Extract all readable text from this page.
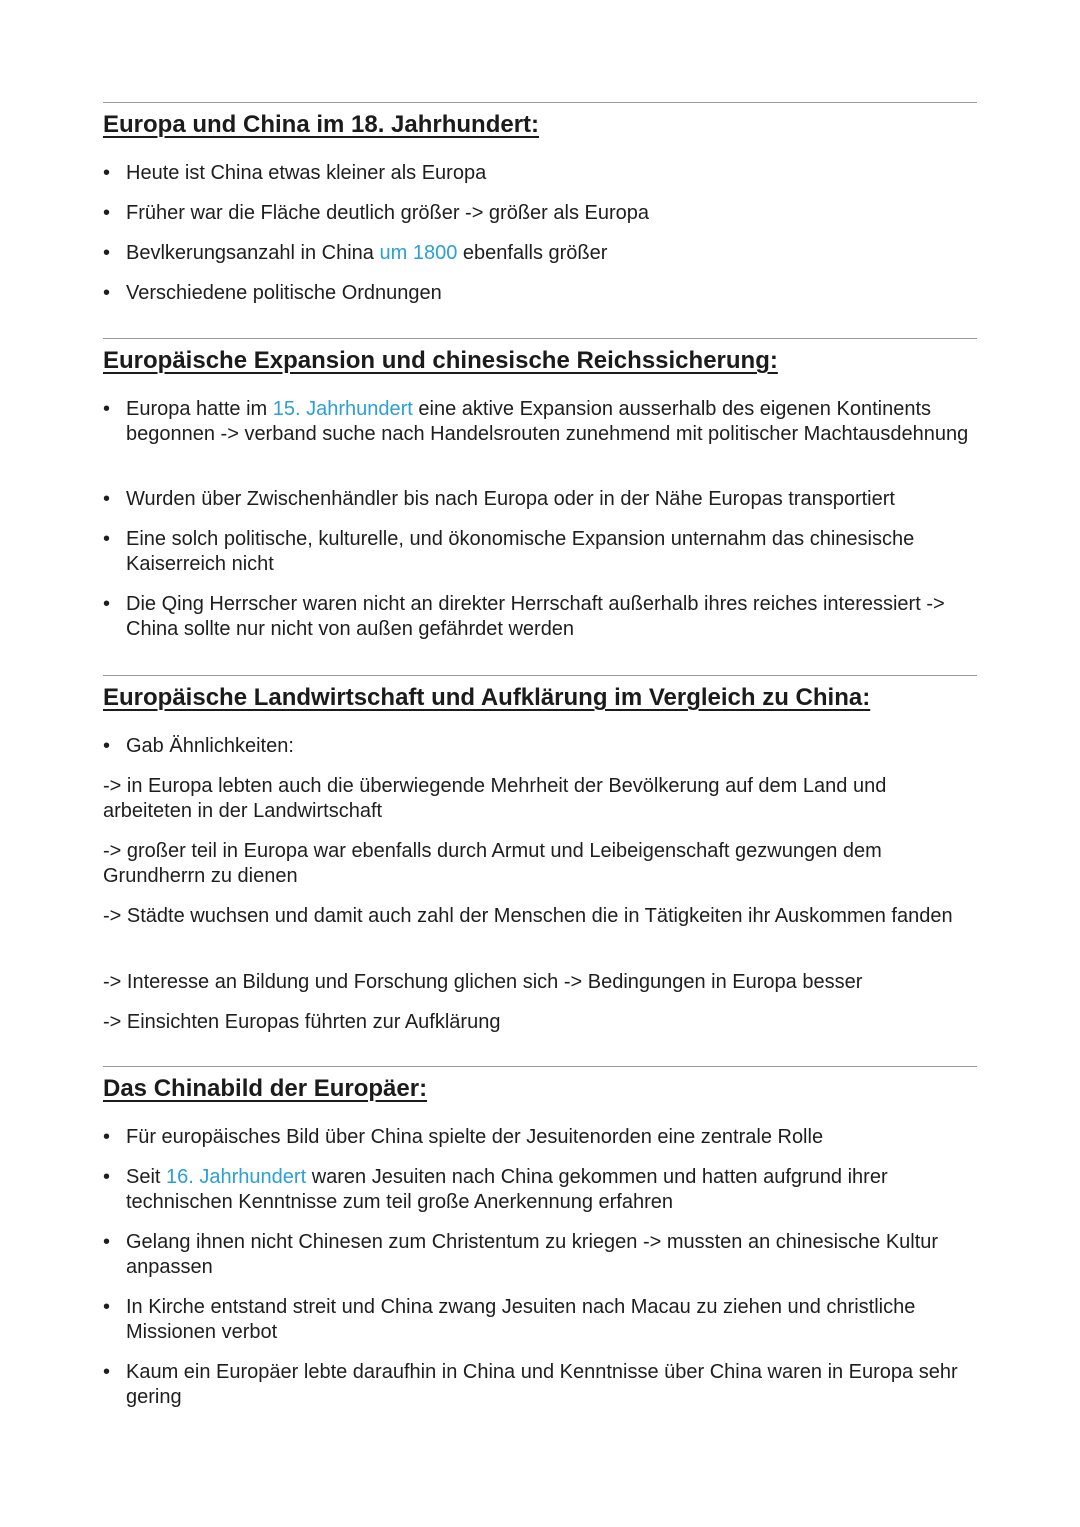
Europa und China im 18. Jahrhundert:
• Heute ist China etwas kleiner als Europa
• Früher war die Fläche deutlich größer -> größer als Europa
• Bevlkerungsanzahl in China um 1800 ebenfalls größer
• Verschiedene politische Ordnungen
Europäische Expansion und chinesische Reichssicherung:
• Europa hatte im 15. Jahrhundert eine aktive Expansion ausserhalb des eigenen Kontinents begonnen -> verband suche nach Handelsrouten zunehmend mit politischer Machtausdehnung
• Wurden über Zwischenhändler bis nach Europa oder in der Nähe Europas transportiert
• Eine solch politische, kulturelle, und ökonomische Expansion unternahm das chinesische Kaiserreich nicht
• Die Qing Herrscher waren nicht an direkter Herrschaft außerhalb ihres reiches interessiert -> China sollte nur nicht von außen gefährdet werden
Europäische Landwirtschaft und Aufklärung im Vergleich zu China:
• Gab Ähnlichkeiten:
-> in Europa lebten auch die überwiegende Mehrheit der Bevölkerung auf dem Land und arbeiteten in der Landwirtschaft
-> großer teil in Europa war ebenfalls durch Armut und Leibeigenschaft gezwungen dem Grundherrn zu dienen
-> Städte wuchsen und damit auch zahl der Menschen die in Tätigkeiten ihr Auskommen fanden
-> Interesse an Bildung und Forschung glichen sich -> Bedingungen in Europa besser
-> Einsichten Europas führten zur Aufklärung
Das Chinabild der Europäer:
• Für europäisches Bild über China spielte der Jesuitenorden eine zentrale Rolle
• Seit 16. Jahrhundert waren Jesuiten nach China gekommen und hatten aufgrund ihrer technischen Kenntnisse zum teil große Anerkennung erfahren
• Gelang ihnen nicht Chinesen zum Christentum zu kriegen -> mussten an chinesische Kultur anpassen
• In Kirche entstand streit und China zwang Jesuiten nach Macau zu ziehen und christliche Missionen verbot
• Kaum ein Europäer lebte daraufhin in China und Kenntnisse über China waren in Europa sehr gering
